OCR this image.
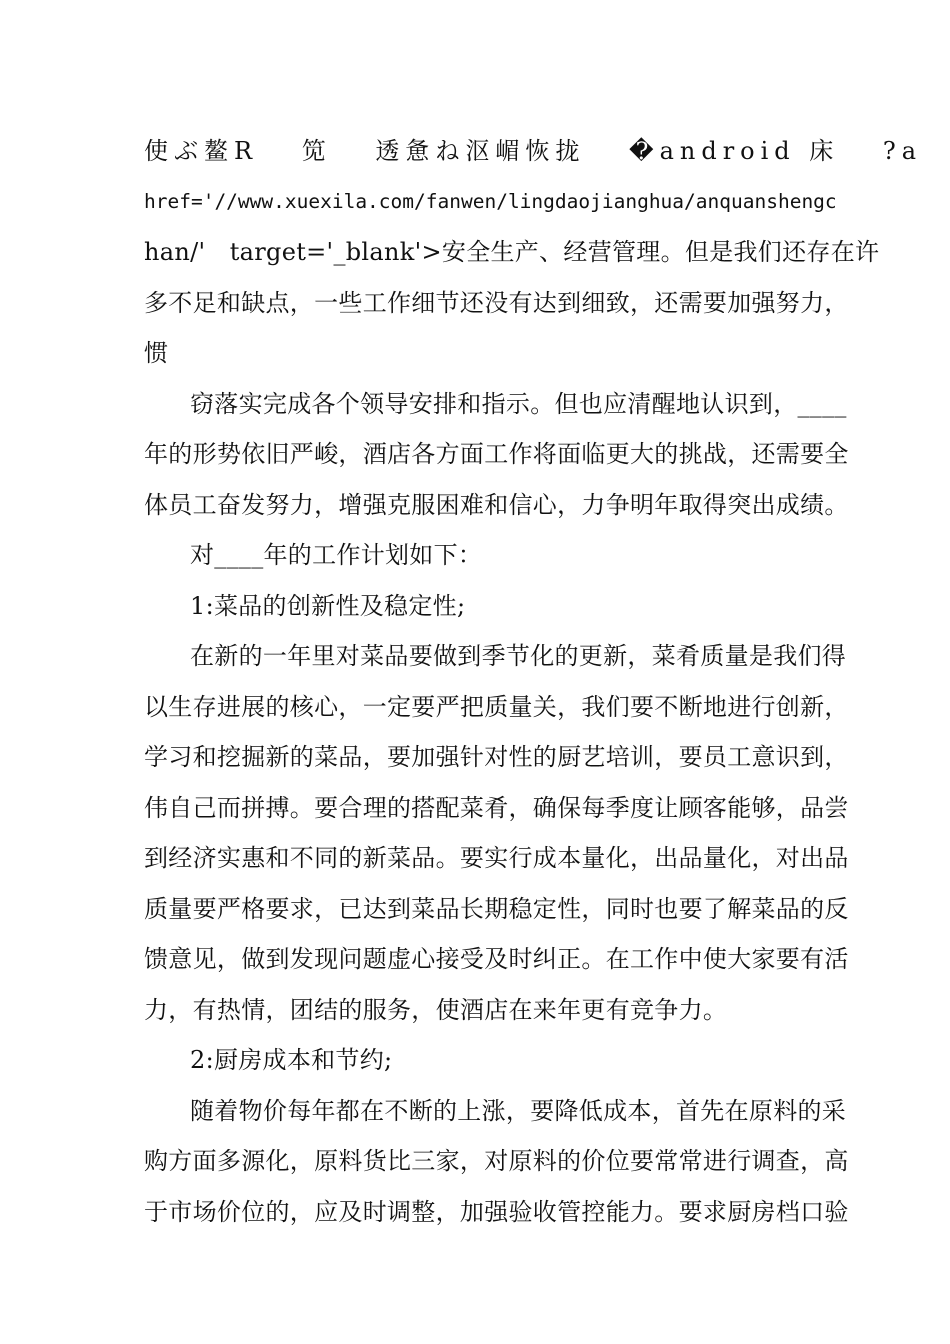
使ぶ鳌R　 笕　 透惫ね沤嵋恢拢　 �android 床　 ?a
href='//www.xuexila.com/fanwen/lingdaojianghua/anquanshengc
han/'　target='_blank'>安全生产、经营管理。但是我们还存在许
多不足和缺点，一些工作细节还没有达到细致，还需要加强努力，
惯
窃落实完成各个领导安排和指示。但也应清醒地认识到，____
年的形势依旧严峻，酒店各方面工作将面临更大的挑战，还需要全
体员工奋发努力，增强克服困难和信心，力争明年取得突出成绩。
对____年的工作计划如下：
1:菜品的创新性及稳定性;
在新的一年里对菜品要做到季节化的更新，菜肴质量是我们得
以生存进展的核心，一定要严把质量关，我们要不断地进行创新，
学习和挖掘新的菜品，要加强针对性的厨艺培训，要员工意识到，
伟自己而拼搏。要合理的搭配菜肴，确保每季度让顾客能够，品尝
到经济实惠和不同的新菜品。要实行成本量化，出品量化，对出品
质量要严格要求，已达到菜品长期稳定性，同时也要了解菜品的反
馈意见，做到发现问题虚心接受及时纠正。在工作中使大家要有活
力，有热情，团结的服务，使酒店在来年更有竞争力。
2:厨房成本和节约;
随着物价每年都在不断的上涨，要降低成本，首先在原料的采
购方面多源化，原料货比三家，对原料的价位要常常进行调查，高
于市场价位的，应及时调整，加强验收管控能力。要求厨房档口验
